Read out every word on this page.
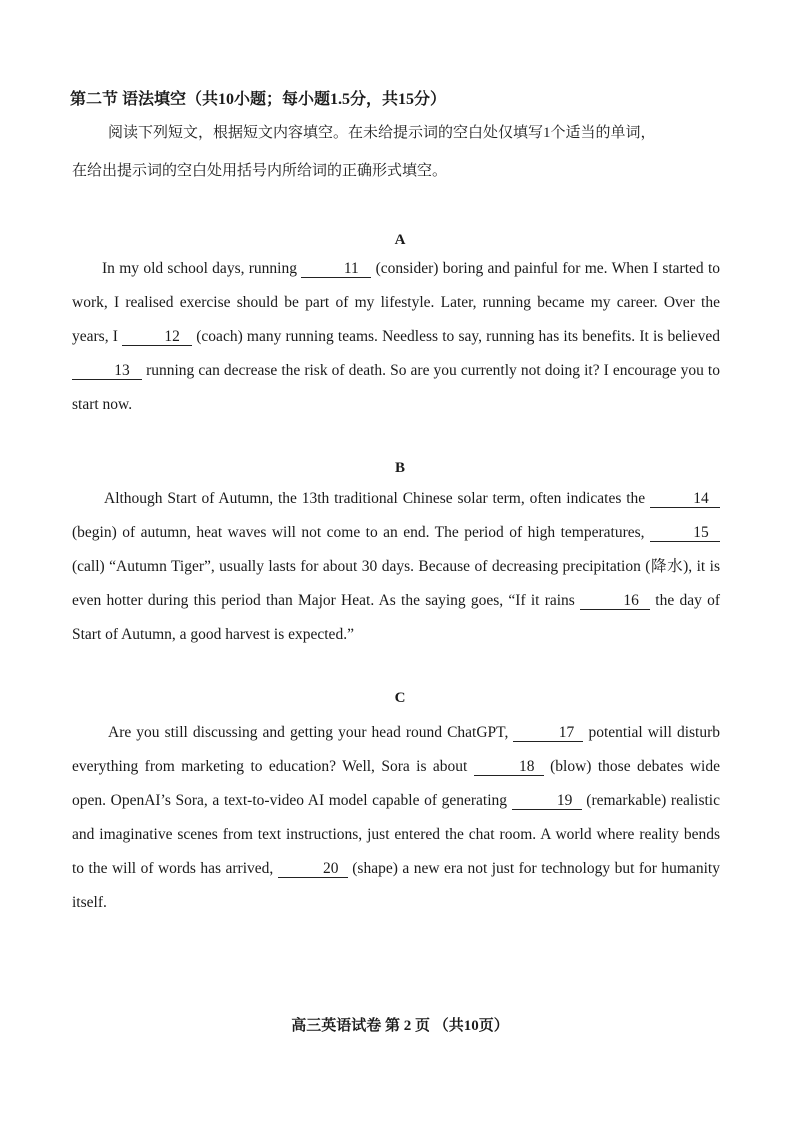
第二节 语法填空（共10小题；每小题1.5分，共15分）
阅读下列短文，根据短文内容填空。在未给提示词的空白处仅填写1个适当的单词，
在给出提示词的空白处用括号内所给词的正确形式填空。
A
In my old school days, running	11 (consider) boring and painful for me. When I started to work, I realised exercise should be part of my lifestyle. Later, running became my career. Over the years, I	12 (coach) many running teams. Needless to say, running has its benefits. It is believed 13 running can decrease the risk of death. So are you currently not doing it? I encourage you to start now.
B
Although Start of Autumn, the 13th traditional Chinese solar term, often indicates the	14 (begin) of autumn, heat waves will not come to an end. The period of high temperatures,	15 (call) “Autumn Tiger”, usually lasts for about 30 days. Because of decreasing precipitation (降水), it is even hotter during this period than Major Heat. As the saying goes, “If it rains	16 the day of Start of Autumn, a good harvest is expected.”
C
Are you still discussing and getting your head round ChatGPT,	17 potential will disturb everything from marketing to education? Well, Sora is about	18 (blow) those debates wide open. OpenAI’s Sora, a text-to-video AI model capable of generating	19 (remarkable) realistic and imaginative scenes from text instructions, just entered the chat room. A world where reality bends to the will of words has arrived,	20 (shape) a new era not just for technology but for humanity itself.
高三英语试卷 第 2 页 （共10页）
